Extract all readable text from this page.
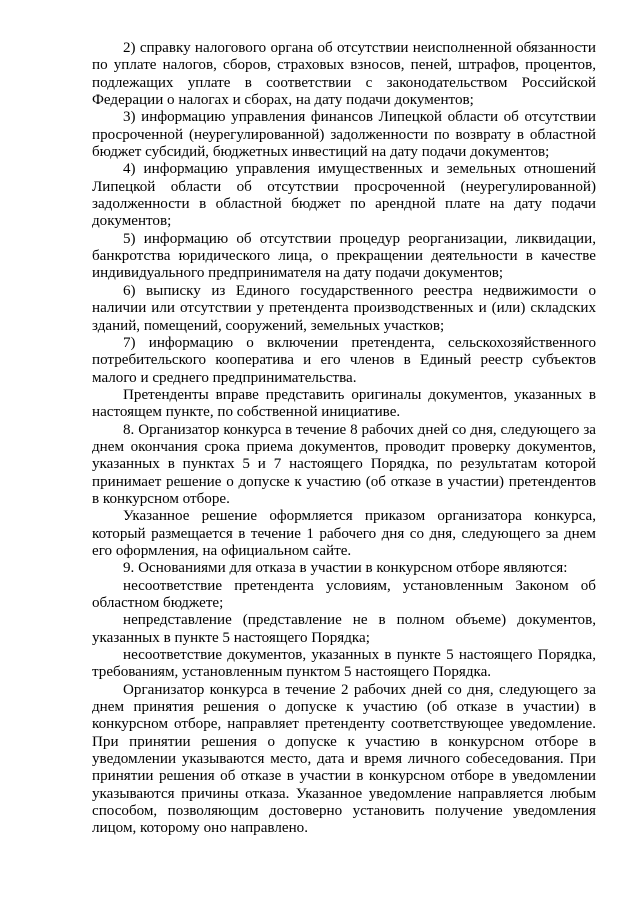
2) справку налогового органа об отсутствии неисполненной обязанности по уплате налогов, сборов, страховых взносов, пеней, штрафов, процентов, подлежащих уплате в соответствии с законодательством Российской Федерации о налогах и сборах, на дату подачи документов;

3) информацию управления финансов Липецкой области об отсутствии просроченной (неурегулированной) задолженности по возврату в областной бюджет субсидий, бюджетных инвестиций на дату подачи документов;

4) информацию управления имущественных и земельных отношений Липецкой области об отсутствии просроченной (неурегулированной) задолженности в областной бюджет по арендной плате на дату подачи документов;

5) информацию об отсутствии процедур реорганизации, ликвидации, банкротства юридического лица, о прекращении деятельности в качестве индивидуального предпринимателя на дату подачи документов;

6) выписку из Единого государственного реестра недвижимости о наличии или отсутствии у претендента производственных и (или) складских зданий, помещений, сооружений, земельных участков;

7) информацию о включении претендента, сельскохозяйственного потребительского кооператива и его членов в Единый реестр субъектов малого и среднего предпринимательства.

Претенденты вправе представить оригиналы документов, указанных в настоящем пункте, по собственной инициативе.

8. Организатор конкурса в течение 8 рабочих дней со дня, следующего за днем окончания срока приема документов, проводит проверку документов, указанных в пунктах 5 и 7 настоящего Порядка, по результатам которой принимает решение о допуске к участию (об отказе в участии) претендентов в конкурсном отборе.

Указанное решение оформляется приказом организатора конкурса, который размещается в течение 1 рабочего дня со дня, следующего за днем его оформления, на официальном сайте.

9. Основаниями для отказа в участии в конкурсном отборе являются:

несоответствие претендента условиям, установленным Законом об областном бюджете;

непредставление (представление не в полном объеме) документов, указанных в пункте 5 настоящего Порядка;

несоответствие документов, указанных в пункте 5 настоящего Порядка, требованиям, установленным пунктом 5 настоящего Порядка.

Организатор конкурса в течение 2 рабочих дней со дня, следующего за днем принятия решения о допуске к участию (об отказе в участии) в конкурсном отборе, направляет претенденту соответствующее уведомление. При принятии решения о допуске к участию в конкурсном отборе в уведомлении указываются место, дата и время личного собеседования. При принятии решения об отказе в участии в конкурсном отборе в уведомлении указываются причины отказа. Указанное уведомление направляется любым способом, позволяющим достоверно установить получение уведомления лицом, которому оно направлено.
